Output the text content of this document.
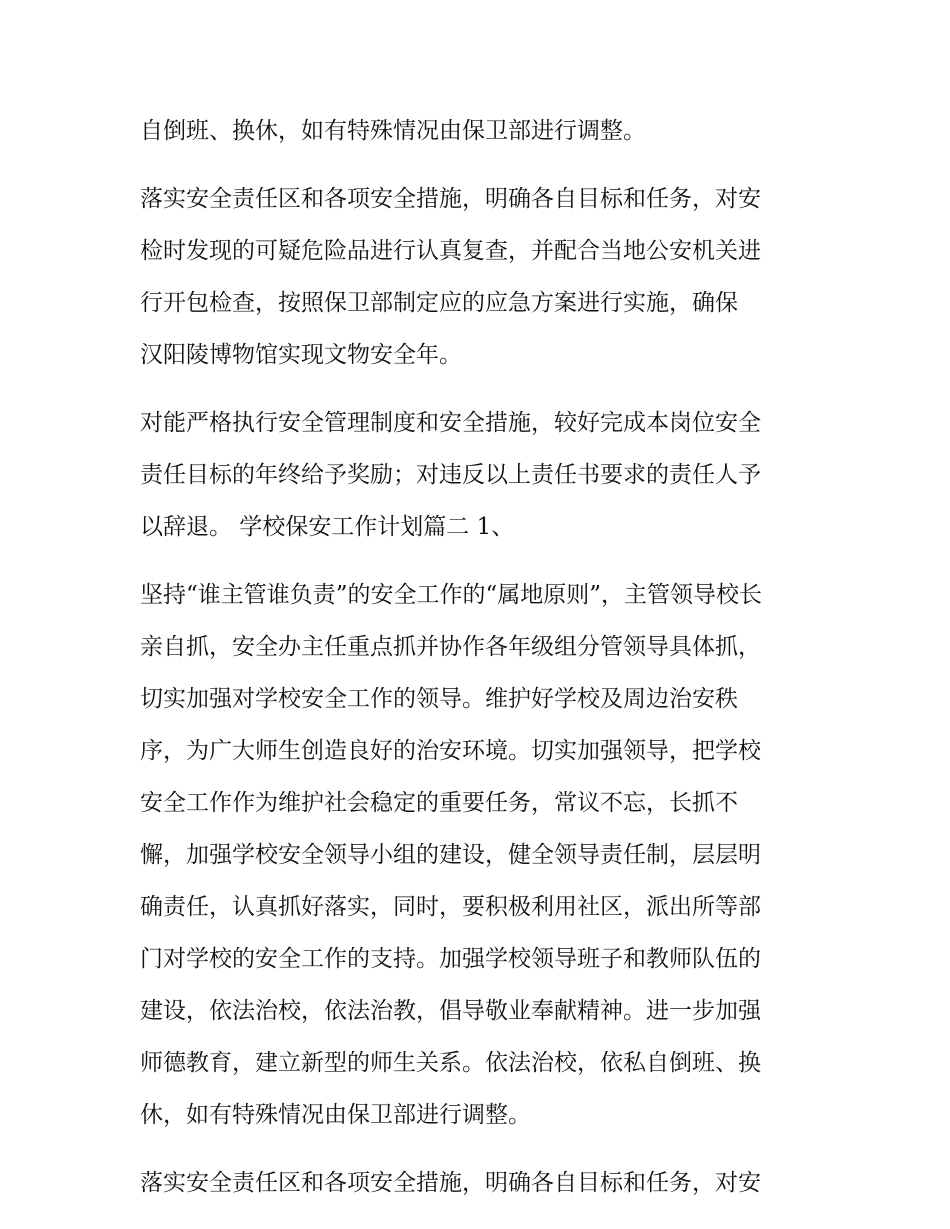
自倒班、换休，如有特殊情况由保卫部进行调整。
落实安全责任区和各项安全措施，明确各自目标和任务，对安
检时发现的可疑危险品进行认真复查，并配合当地公安机关进
行开包检查，按照保卫部制定应的应急方案进行实施，确保
汉阳陵博物馆实现文物安全年。
对能严格执行安全管理制度和安全措施，较好完成本岗位安全
责任目标的年终给予奖励；对违反以上责任书要求的责任人予
以辞退。 学校保安工作计划篇二 1、
坚持“谁主管谁负责”的安全工作的“属地原则”，主管领导校长
亲自抓，安全办主任重点抓并协作各年级组分管领导具体抓，
切实加强对学校安全工作的领导。维护好学校及周边治安秩
序，为广大师生创造良好的治安环境。切实加强领导，把学校
安全工作作为维护社会稳定的重要任务，常议不忘，长抓不
懈，加强学校安全领导小组的建设，健全领导责任制，层层明
确责任，认真抓好落实，同时，要积极利用社区，派出所等部
门对学校的安全工作的支持。加强学校领导班子和教师队伍的
建设，依法治校，依法治教，倡导敬业奉献精神。进一步加强
师德教育，建立新型的师生关系。依法治校，依私自倒班、换
休，如有特殊情况由保卫部进行调整。
落实安全责任区和各项安全措施，明确各自目标和任务，对安
